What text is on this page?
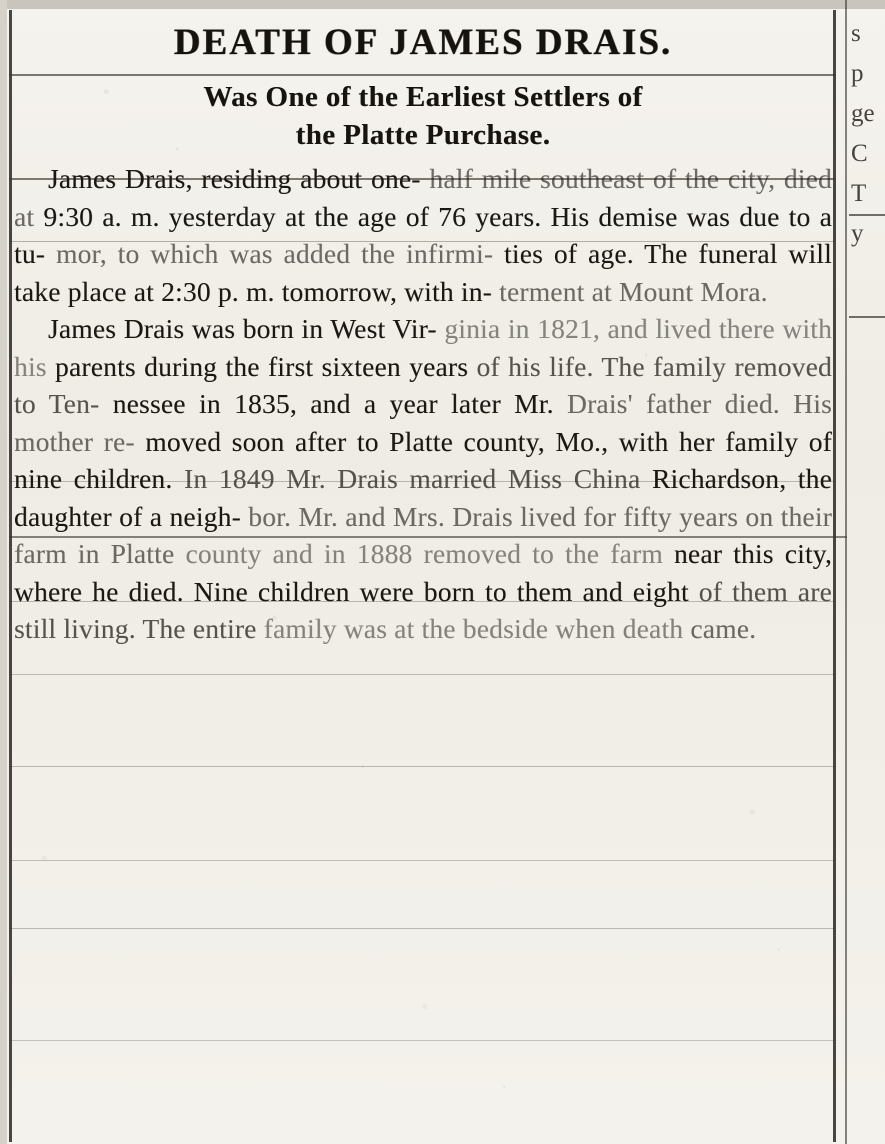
DEATH OF JAMES DRAIS.
Was One of the Earliest Settlers of
the Platte Purchase.

James Drais, residing about one- half mile southeast of the city, died at 9:30 a. m. yesterday at the age of 76 years. His demise was due to a tu- mor, to which was added the infirmi- ties of age. The funeral will take place at 2:30 p. m. tomorrow, with in- terment at Mount Mora.

James Drais was born in West Vir- ginia in 1821, and lived there with his parents during the first sixteen years of his life. The family removed to Ten- nessee in 1835, and a year later Mr. Drais' father died. His mother re- moved soon after to Platte county, Mo., with her family of nine children. In 1849 Mr. Drais married Miss China Richardson, the daughter of a neigh- bor. Mr. and Mrs. Drais lived for fifty years on their farm in Platte county and in 1888 removed to the farm near this city, where he died. Nine children were born to them and eight of them are still living. The entire family was at the bedside when death came.

s
p
ge
C
T
y
